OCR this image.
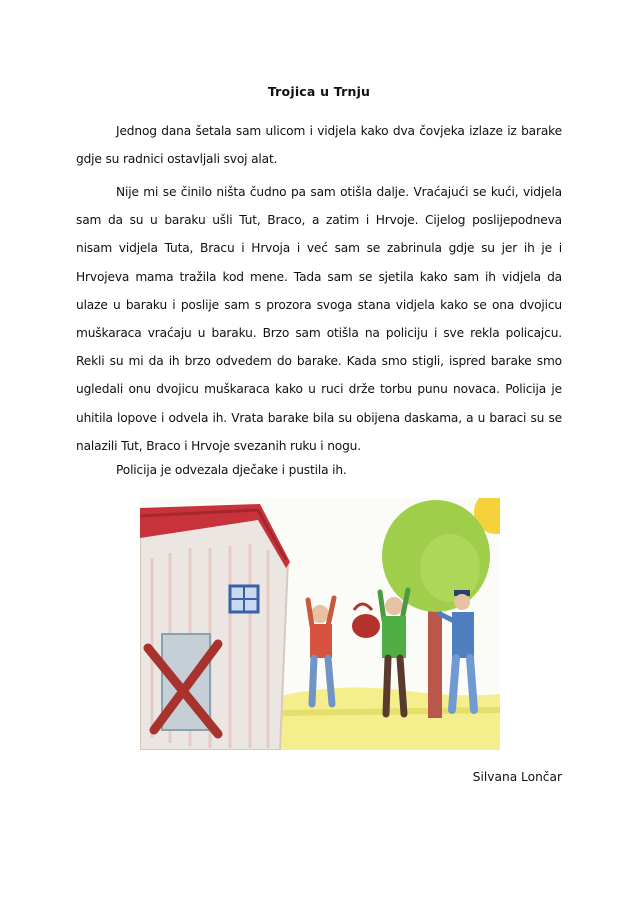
Trojica u Trnju

Jednog dana šetala sam ulicom i vidjela kako dva čovjeka izlaze iz barake gdje su radnici ostavljali svoj alat.

Nije mi se činilo ništa čudno pa sam otišla dalje. Vraćajući se kući, vidjela sam da su u baraku ušli Tut, Braco, a zatim i Hrvoje. Cijelog poslijepodneva nisam vidjela Tuta, Bracu i Hrvoja i već sam se zabrinula gdje su jer ih je i Hrvojeva mama tražila kod mene. Tada sam se sjetila kako sam ih vidjela da ulaze u baraku i poslije sam s prozora svoga stana vidjela kako se ona dvojicu muškaraca vraćaju u baraku. Brzo sam otišla na policiju i sve rekla policajcu. Rekli su mi da ih brzo odvedem do barake. Kada smo stigli, ispred barake smo ugledali onu dvojicu muškaraca kako u ruci drže torbu punu novaca. Policija je uhitila lopove i odvela ih. Vrata barake bila su obijena daskama, a u baraci su se nalazili Tut, Braco i Hrvoje svezanih ruku i nogu.

Policija je odvezala dječake i pustila ih.

Silvana Lončar
